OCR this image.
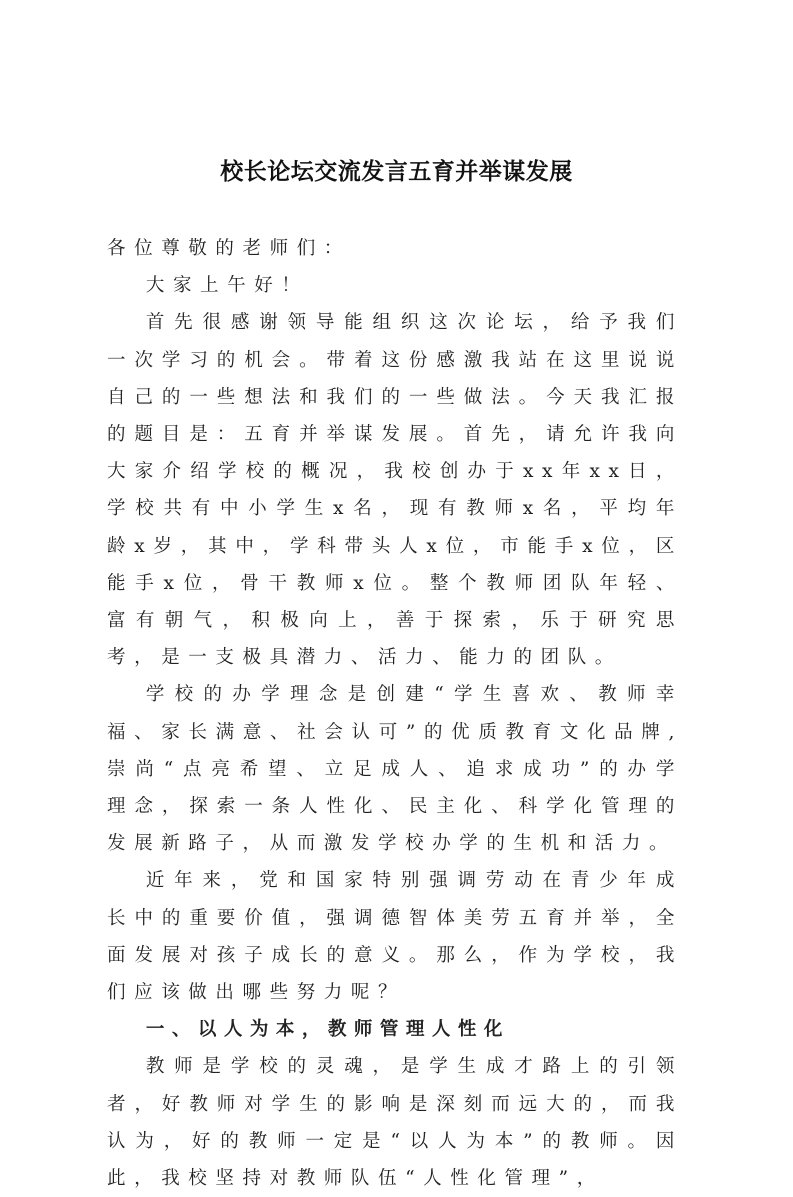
校长论坛交流发言五育并举谋发展

各位尊敬的老师们：

大家上午好！

首先很感谢领导能组织这次论坛，给予我们一次学习的机会。带着这份感激我站在这里说说自己的一些想法和我们的一些做法。今天我汇报的题目是：五育并举谋发展。首先，请允许我向大家介绍学校的概况，我校创办于xx年xx日，学校共有中小学生x名，现有教师x名，平均年龄x岁，其中，学科带头人x位，市能手x位，区能手x位，骨干教师x位。整个教师团队年轻、富有朝气，积极向上，善于探索，乐于研究思考，是一支极具潜力、活力、能力的团队。

学校的办学理念是创建“学生喜欢、教师幸福、家长满意、社会认可”的优质教育文化品牌,崇尚“点亮希望、立足成人、追求成功”的办学理念，探索一条人性化、民主化、科学化管理的发展新路子，从而激发学校办学的生机和活力。

近年来，党和国家特别强调劳动在青少年成长中的重要价值，强调德智体美劳五育并举，全面发展对孩子成长的意义。那么，作为学校，我们应该做出哪些努力呢？

一、以人为本，教师管理人性化

教师是学校的灵魂，是学生成才路上的引领者，好教师对学生的影响是深刻而远大的，而我认为，好的教师一定是“以人为本”的教师。因此，我校坚持对教师队伍“人性化管理”，
